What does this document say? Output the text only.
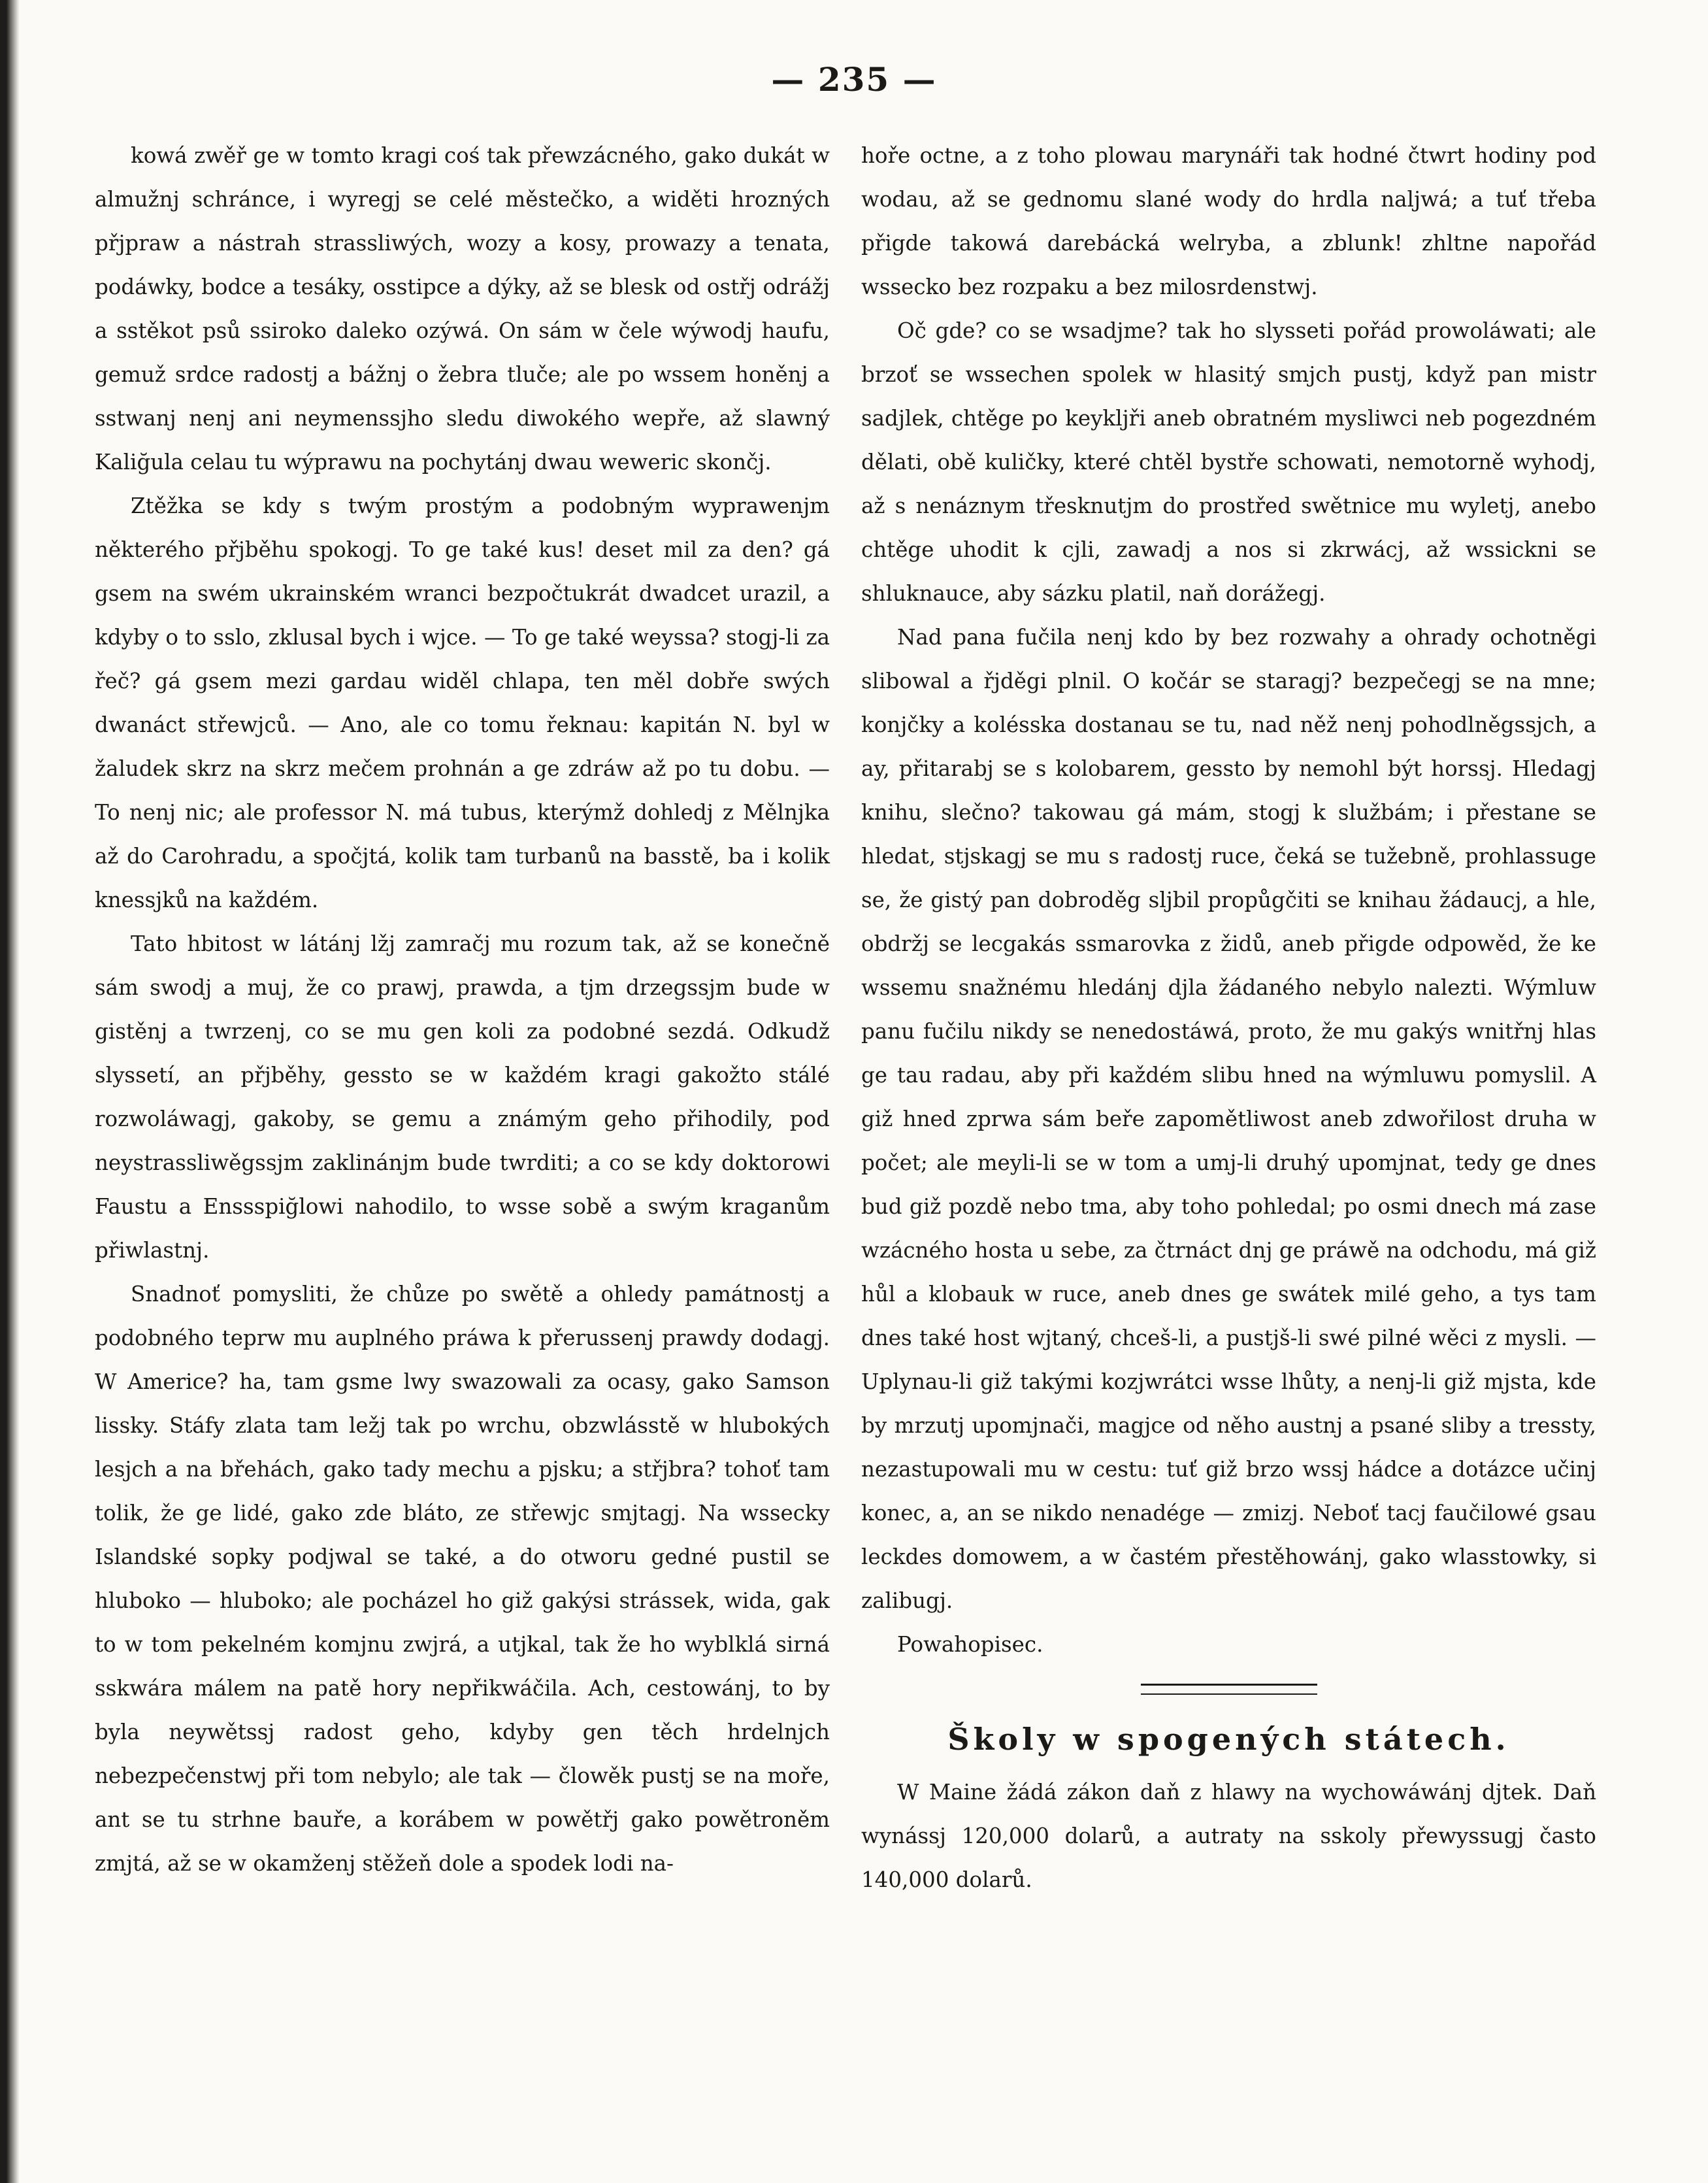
— 235 —

kowá zwěř ge w tomto kragi coś tak přewzácného, gako dukát w almužnj schránce, i wyregj se celé městečko, a widěti hrozných přjpraw a nástrah strassliwých, wozy a kosy, prowazy a tenata, podáwky, bodce a tesáky, osstipce a dýky, až se blesk od ostřj odrážj a sstěkot psů ssiroko daleko ozýwá. On sám w čele wýwodj haufu, gemuž srdce radostj a bážnj o žebra tluče; ale po wssem honěnj a sstwanj nenj ani neymenssjho sledu diwokého wepře, až slawný Kaliğula celau tu wýprawu na pochytánj dwau weweric skončj.

Ztěžka se kdy s twým prostým a podobným wyprawenjm některého přjběhu spokogj. To ge také kus! deset mil za den? gá gsem na swém ukrainském wranci bezpočtukrát dwadcet urazil, a kdyby o to sslo, zklusal bych i wjce. — To ge také weyssa? stogj-li za řeč? gá gsem mezi gardau widěl chlapa, ten měl dobře swých dwanáct střewjců. — Ano, ale co tomu řeknau: kapitán N. byl w žaludek skrz na skrz mečem prohnán a ge zdráw až po tu dobu. — To nenj nic; ale professor N. má tubus, kterýmž dohledj z Mělnjka až do Carohradu, a spočjtá, kolik tam turbanů na basstě, ba i kolik knessjků na každém.

Tato hbitost w látánj lžj zamračj mu rozum tak, až se konečně sám swodj a muj, že co prawj, prawda, a tjm drzegssjm bude w gistěnj a twrzenj, co se mu gen koli za podobné sezdá. Odkudž slyssetí, an přjběhy, gessto se w každém kragi gakožto stálé rozwoláwagj, gakoby, se gemu a známým geho přihodily, pod neystrassliwěgssjm zaklinánjm bude twrditi; a co se kdy doktorowi Faustu a Enssspiğlowi nahodilo, to wsse sobě a swým kraganům přiwlastnj.

Snadnoť pomysliti, že chůze po swětě a ohledy památnostj a podobného teprw mu auplného práwa k přerussenj prawdy dodagj. W Americe? ha, tam gsme lwy swazowali za ocasy, gako Samson lissky. Stáfy zlata tam ležj tak po wrchu, obzwlásstě w hlubokých lesjch a na břehách, gako tady mechu a pjsku; a střjbra? tohoť tam tolik, že ge lidé, gako zde bláto, ze střewjc smjtagj. Na wssecky Islandské sopky podjwal se také, a do otworu gedné pustil se hluboko — hluboko; ale pocházel ho giž gakýsi strássek, wida, gak to w tom pekelném komjnu zwjrá, a utjkal, tak že ho wyblklá sirná sskwára málem na patě hory nepřikwáčila. Ach, cestowánj, to by byla neywětssj radost geho, kdyby gen těch hrdelnjch nebezpečenstwj při tom nebylo; ale tak — člowěk pustj se na moře, ant se tu strhne bauře, a korábem w powětřj gako powětroněm zmjtá, až se w okamženj stěžeň dole a spodek lodi na-

hoře octne, a z toho plowau marynáři tak hodné čtwrt hodiny pod wodau, až se gednomu slané wody do hrdla naljwá; a tuť třeba přigde takowá darebácká welryba, a zblunk! zhltne napořád wssecko bez rozpaku a bez milosrdenstwj.

Oč gde? co se wsadjme? tak ho slysseti pořád prowoláwati; ale brzoť se wssechen spolek w hlasitý smjch pustj, když pan mistr sadjlek, chtěge po keykljři aneb obratném mysliwci neb pogezdném dělati, obě kuličky, které chtěl bystře schowati, nemotorně wyhodj, až s nenáznym třesknutjm do prostřed swětnice mu wyletj, anebo chtěge uhodit k cjli, zawadj a nos si zkrwácj, až wssickni se shluknauce, aby sázku platil, naň dorážegj.

Nad pana fučila nenj kdo by bez rozwahy a ohrady ochotněgi slibowal a řjděgi plnil. O kočár se staragj? bezpečegj se na mne; konjčky a kolésska dostanau se tu, nad něž nenj pohodlněgssjch, a ay, přitarabj se s kolobarem, gessto by nemohl být horssj. Hledagj knihu, slečno? takowau gá mám, stogj k službám; i přestane se hledat, stjskagj se mu s radostj ruce, čeká se tužebně, prohlassuge se, že gistý pan dobroděg sljbil propůgčiti se knihau žádaucj, a hle, obdržj se lecgakás ssmarovka z židů, aneb přigde odpowěd, že ke wssemu snažnému hledánj djla žádaného nebylo nalezti. Wýmluw panu fučilu nikdy se nenedostáwá, proto, že mu gakýs wnitřnj hlas ge tau radau, aby při každém slibu hned na wýmluwu pomyslil. A giž hned zprwa sám beře zapomětliwost aneb zdwořilost druha w počet; ale meyli-li se w tom a umj-li druhý upomjnat, tedy ge dnes bud giž pozdě nebo tma, aby toho pohledal; po osmi dnech má zase wzácného hosta u sebe, za čtrnáct dnj ge práwě na odchodu, má giž hůl a klobauk w ruce, aneb dnes ge swátek milé geho, a tys tam dnes také host wjtaný, chceš-li, a pustjš-li swé pilné wěci z mysli. — Uplynau-li giž takými kozjwrátci wsse lhůty, a nenj-li giž mjsta, kde by mrzutj upomjnači, magjce od něho austnj a psané sliby a tressty, nezastupowali mu w cestu: tuť giž brzo wssj hádce a dotázce učinj konec, a, an se nikdo nenadége — zmizj. Neboť tacj faučilowé gsau leckdes domowem, a w častém přestěhowánj, gako wlasstowky, si zalibugj.

Powahopisec.

Školy w spogených státech.

W Maine žádá zákon daň z hlawy na wychowáwánj djtek. Daň wynássj 120,000 dolarů, a autraty na sskoly přewyssugj často 140,000 dolarů.
